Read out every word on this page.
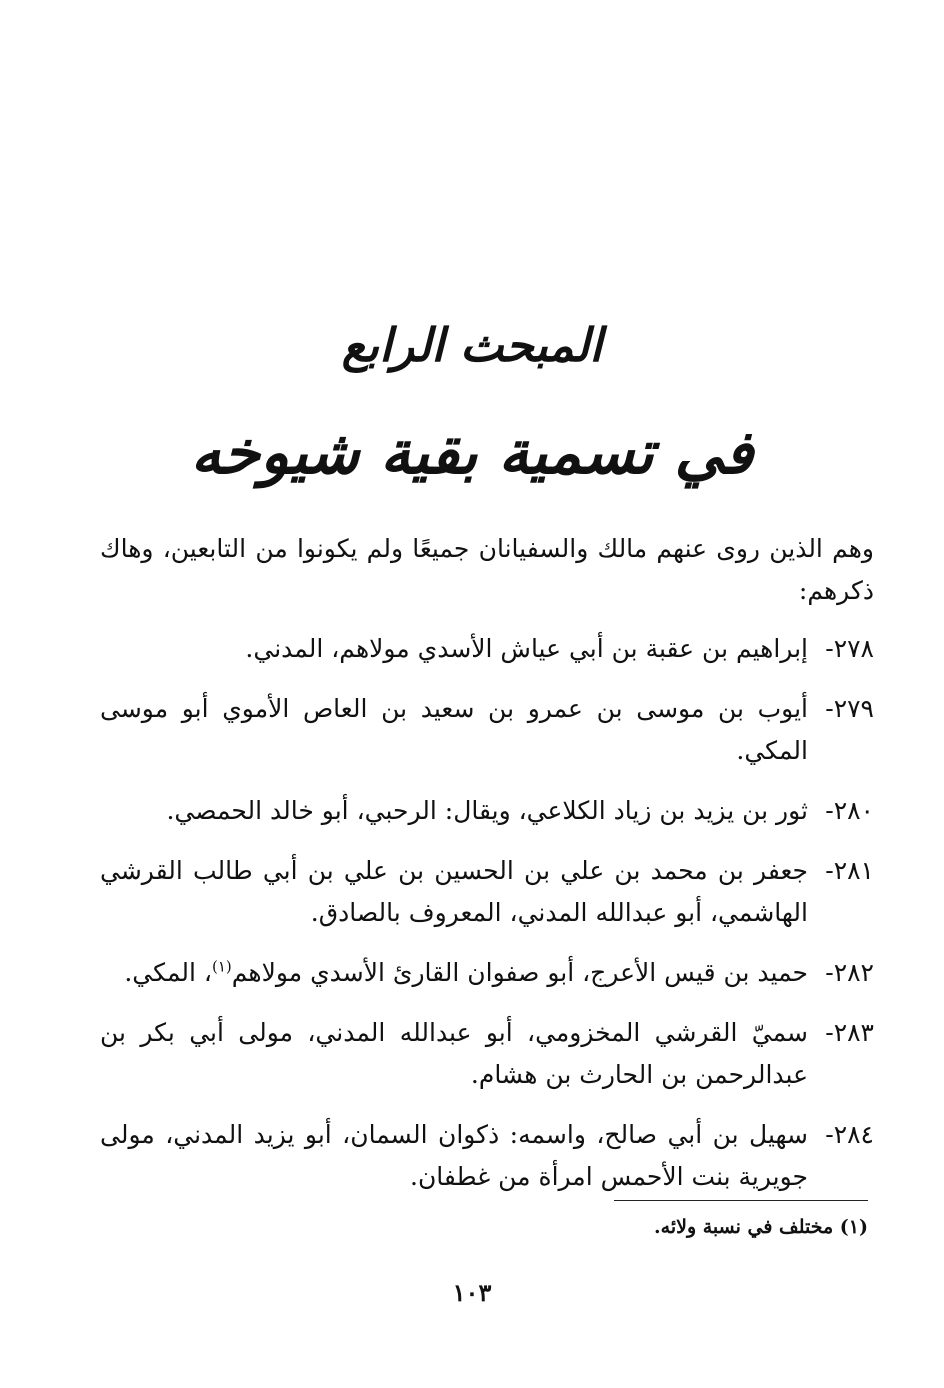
المبحث الرابع
في تسمية بقية شيوخه
وهم الذين روى عنهم مالك والسفيانان جميعًا ولم يكونوا من التابعين، وهاك ذكرهم:
٢٧٨-
إبراهيم بن عقبة بن أبي عياش الأسدي مولاهم، المدني.
٢٧٩-
أيوب بن موسى بن عمرو بن سعيد بن العاص الأموي أبو موسى المكي.
٢٨٠-
ثور بن يزيد بن زياد الكلاعي، ويقال: الرحبي، أبو خالد الحمصي.
٢٨١-
جعفر بن محمد بن علي بن الحسين بن علي بن أبي طالب القرشي الهاشمي، أبو عبدالله المدني، المعروف بالصادق.
٢٨٢-
حميد بن قيس الأعرج، أبو صفوان القارئ الأسدي مولاهم$^{(١)}$، المكي.
٢٨٣-
سميّ القرشي المخزومي، أبو عبدالله المدني، مولى أبي بكر بن عبدالرحمن بن الحارث بن هشام.
٢٨٤-
سهيل بن أبي صالح، واسمه: ذكوان السمان، أبو يزيد المدني، مولى جويرية بنت الأحمس امرأة من غطفان.
(١) مختلف في نسبة ولائه.
١٠٣
